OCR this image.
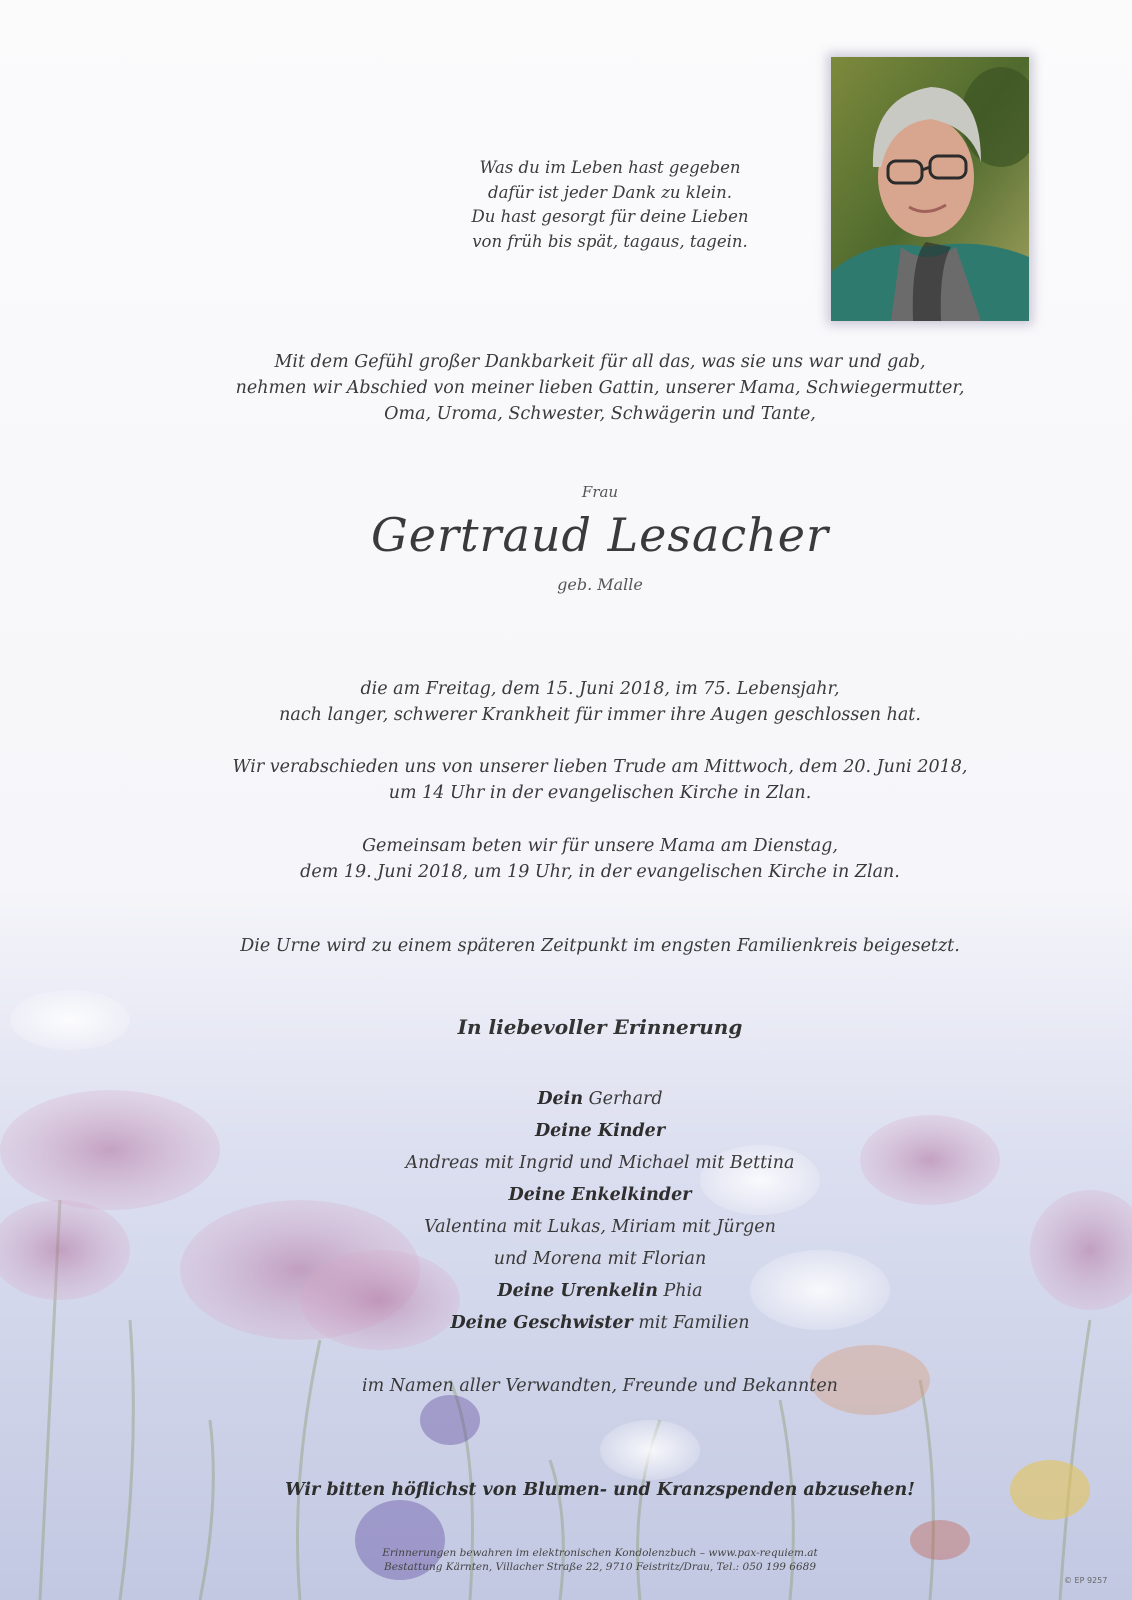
Was du im Leben hast gegeben

dafür ist jeder Dank zu klein.

Du hast gesorgt für deine Lieben

von früh bis spät, tagaus, tagein.

Mit dem Gefühl großer Dankbarkeit für all das, was sie uns war und gab,

nehmen wir Abschied von meiner lieben Gattin, unserer Mama, Schwiegermutter,

Oma, Uroma, Schwester, Schwägerin und Tante,

Frau
Gertraud Lesacher
geb. Malle

die am Freitag, dem 15. Juni 2018, im 75. Lebensjahr,

nach langer, schwerer Krankheit für immer ihre Augen geschlossen hat.

Wir verabschieden uns von unserer lieben Trude am Mittwoch, dem 20. Juni 2018,

um 14 Uhr in der evangelischen Kirche in Zlan.

Gemeinsam beten wir für unsere Mama am Dienstag,

dem 19. Juni 2018, um 19 Uhr, in der evangelischen Kirche in Zlan.

Die Urne wird zu einem späteren Zeitpunkt im engsten Familienkreis beigesetzt.
In liebevoller Erinnerung

Dein Gerhard

Deine Kinder

Andreas mit Ingrid und Michael mit Bettina

Deine Enkelkinder

Valentina mit Lukas, Miriam mit Jürgen

und Morena mit Florian

Deine Urenkelin Phia

Deine Geschwister mit Familien

im Namen aller Verwandten, Freunde und Bekannten
Wir bitten höflichst von Blumen- und Kranzspenden abzusehen!

Erinnerungen bewahren im elektronischen Kondolenzbuch – www.pax-requiem.at

Bestattung Kärnten, Villacher Straße 22, 9710 Feistritz/Drau, Tel.: 050 199 6689

© EP 9257
